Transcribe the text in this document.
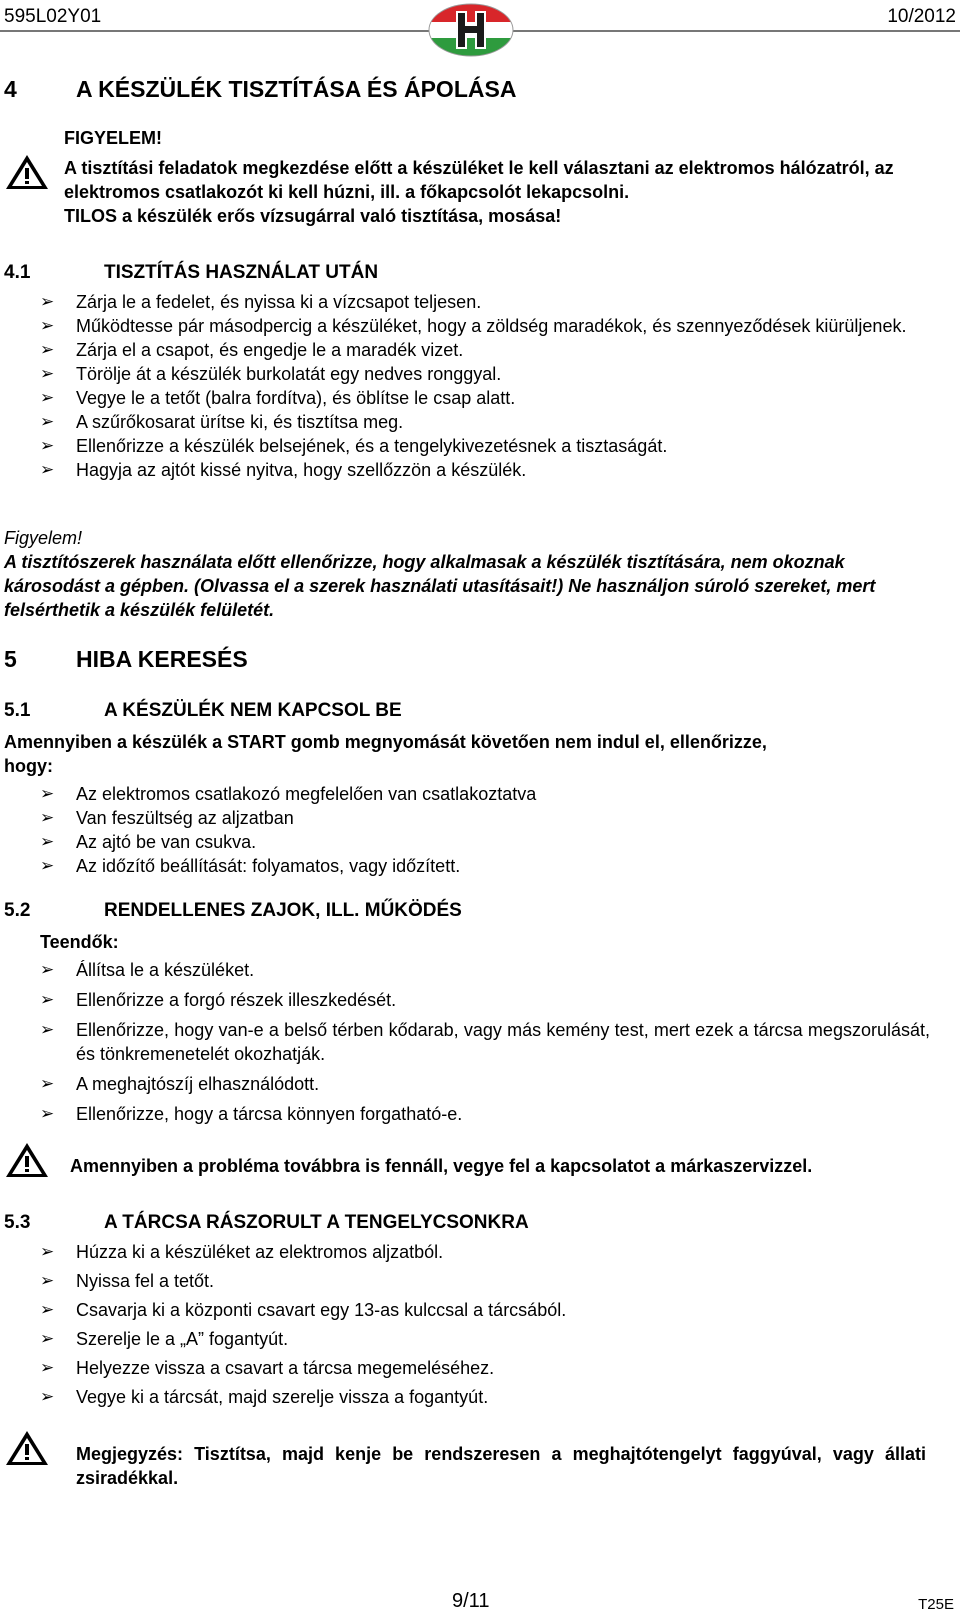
595L02Y01	10/2012
4	A KÉSZÜLÉK TISZTÍTÁSA ÉS ÁPOLÁSA
FIGYELEM!
A tisztítási feladatok megkezdése előtt a készüléket le kell választani az elektromos hálózatról, az elektromos csatlakozót ki kell húzni, ill. a főkapcsolót lekapcsolni.
TILOS a készülék erős vízsugárral való tisztítása, mosása!
4.1	TISZTÍTÁS HASZNÁLAT UTÁN
➢ Zárja le a fedelet, és nyissa ki a vízcsapot teljesen.
➢ Működtesse pár másodpercig a készüléket, hogy a zöldség maradékok, és szennyeződések kiürüljenek.
➢ Zárja el a csapot, és engedje le a maradék vizet.
➢ Törölje át a készülék burkolatát egy nedves ronggyal.
➢ Vegye le a tetőt (balra fordítva), és öblítse le csap alatt.
➢ A szűrőkosarat ürítse ki, és tisztítsa meg.
➢ Ellenőrizze a készülék belsejének, és a tengelykivezetésnek a tisztaságát.
➢ Hagyja az ajtót kissé nyitva, hogy szellőzzön a készülék.
Figyelem!
A tisztítószerek használata előtt ellenőrizze, hogy alkalmasak a készülék tisztítására, nem okoznak károsodást a gépben. (Olvassa el a szerek használati utasításait!) Ne használjon súroló szereket, mert felsérthetik a készülék felületét.
5	HIBA KERESÉS
5.1	A KÉSZÜLÉK NEM KAPCSOL BE
Amennyiben a készülék a START gomb megnyomását követően nem indul el, ellenőrizze, hogy:
➢ Az elektromos csatlakozó megfelelően van csatlakoztatva
➢ Van feszültség az aljzatban
➢ Az ajtó be van csukva.
➢ Az időzítő beállítását: folyamatos, vagy időzített.
5.2	RENDELLENES ZAJOK, ILL. MŰKÖDÉS
Teendők:
➢ Állítsa le a készüléket.
➢ Ellenőrizze a forgó részek illeszkedését.
➢ Ellenőrizze, hogy van-e a belső térben kődarab, vagy más kemény test, mert ezek a tárcsa megszorulását, és tönkremenetelét okozhatják.
➢ A meghajtószíj elhasználódott.
➢ Ellenőrizze, hogy a tárcsa könnyen forgatható-e.
Amennyiben a probléma továbbra is fennáll, vegye fel a kapcsolatot a márkaszervizzel.
5.3	A TÁRCSA RÁSZORULT A TENGELYCSONKRA
➢ Húzza ki a készüléket az elektromos aljzatból.
➢ Nyissa fel a tetőt.
➢ Csavarja ki a központi csavart egy 13-as kulccsal a tárcsából.
➢ Szerelje le a „A” fogantyút.
➢ Helyezze vissza a csavart a tárcsa megemeléséhez.
➢ Vegye ki a tárcsát, majd szerelje vissza a fogantyút.
Megjegyzés: Tisztítsa, majd kenje be rendszeresen a meghajtótengelyt faggyúval, vagy állati zsiradékkal.
9/11	T25E
